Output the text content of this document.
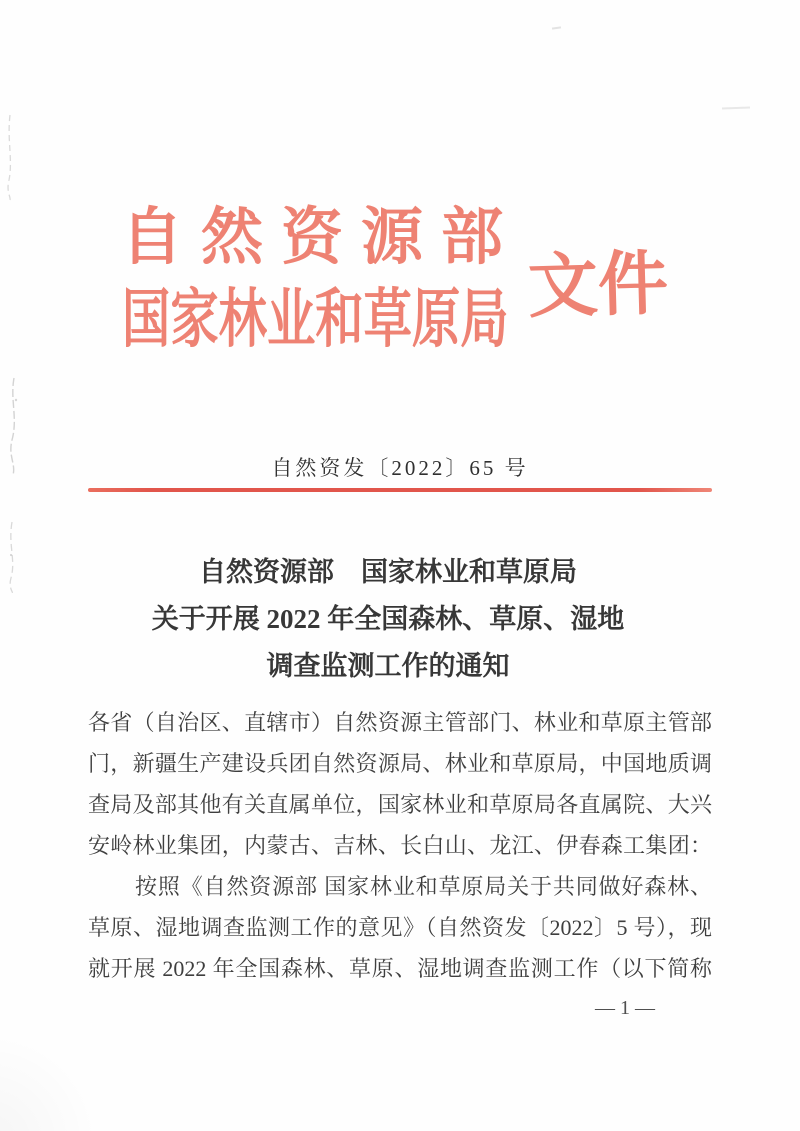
自 然 资 源 部
国家林业和草原局 文件
自然资发〔2022〕65 号
自然资源部　国家林业和草原局
关于开展 2022 年全国森林、草原、湿地
调查监测工作的通知
各省（自治区、直辖市）自然资源主管部门、林业和草原主管部
门，新疆生产建设兵团自然资源局、林业和草原局，中国地质调
查局及部其他有关直属单位，国家林业和草原局各直属院、大兴
安岭林业集团，内蒙古、吉林、长白山、龙江、伊春森工集团：
按照《自然资源部 国家林业和草原局关于共同做好森林、
草原、湿地调查监测工作的意见》（自然资发〔2022〕5 号），现
就开展 2022 年全国森林、草原、湿地调查监测工作（以下简称
— 1 —
